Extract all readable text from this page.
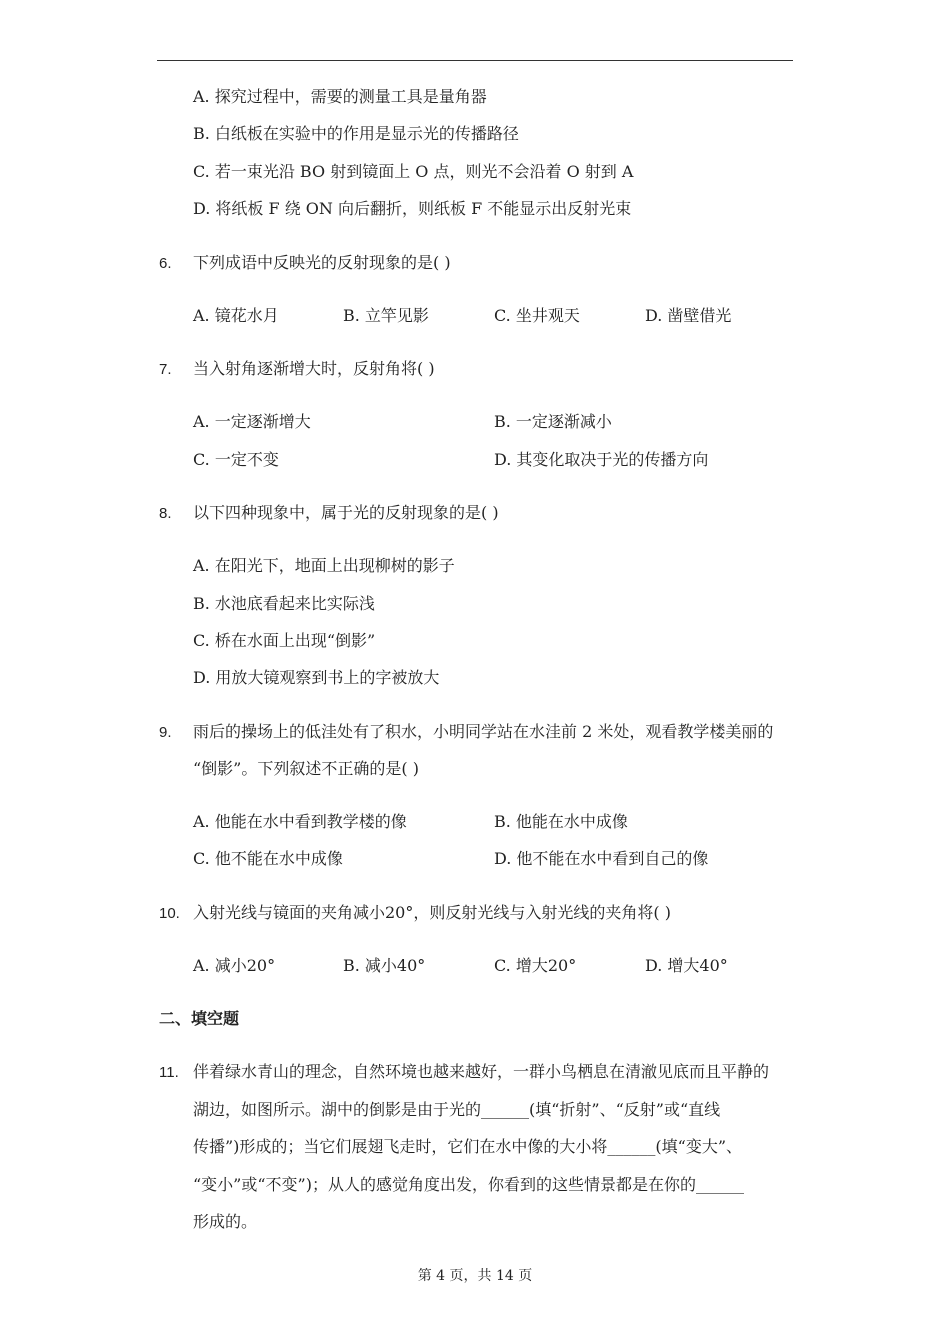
A. 探究过程中，需要的测量工具是量角器
B. 白纸板在实验中的作用是显示光的传播路径
C. 若一束光沿 BO 射到镜面上 O 点，则光不会沿着 O 射到 A
D. 将纸板 F 绕 ON 向后翻折，则纸板 F 不能显示出反射光束
6. 下列成语中反映光的反射现象的是( )
A. 镜花水月	B. 立竿见影	C. 坐井观天	D. 凿壁借光
7. 当入射角逐渐增大时，反射角将( )
A. 一定逐渐增大	B. 一定逐渐减小
C. 一定不变	D. 其变化取决于光的传播方向
8. 以下四种现象中，属于光的反射现象的是( )
A. 在阳光下，地面上出现柳树的影子
B. 水池底看起来比实际浅
C. 桥在水面上出现“倒影”
D. 用放大镜观察到书上的字被放大
9. 雨后的操场上的低洼处有了积水，小明同学站在水洼前 2 米处，观看教学楼美丽的
“倒影”。下列叙述不正确的是( )
A. 他能在水中看到教学楼的像	B. 他能在水中成像
C. 他不能在水中成像	D. 他不能在水中看到自己的像
10. 入射光线与镜面的夹角减小20°，则反射光线与入射光线的夹角将( )
A. 减小20°	B. 减小40°	C. 增大20°	D. 增大40°
二、填空题
11. 伴着绿水青山的理念，自然环境也越来越好，一群小鸟栖息在清澈见底而且平静的
湖边，如图所示。湖中的倒影是由于光的______(填“折射”、“反射”或“直线
传播”)形成的；当它们展翅飞走时，它们在水中像的大小将______(填“变大”、
“变小”或“不变”)；从人的感觉角度出发，你看到的这些情景都是在你的______
形成的。
第 4 页，共 14 页
